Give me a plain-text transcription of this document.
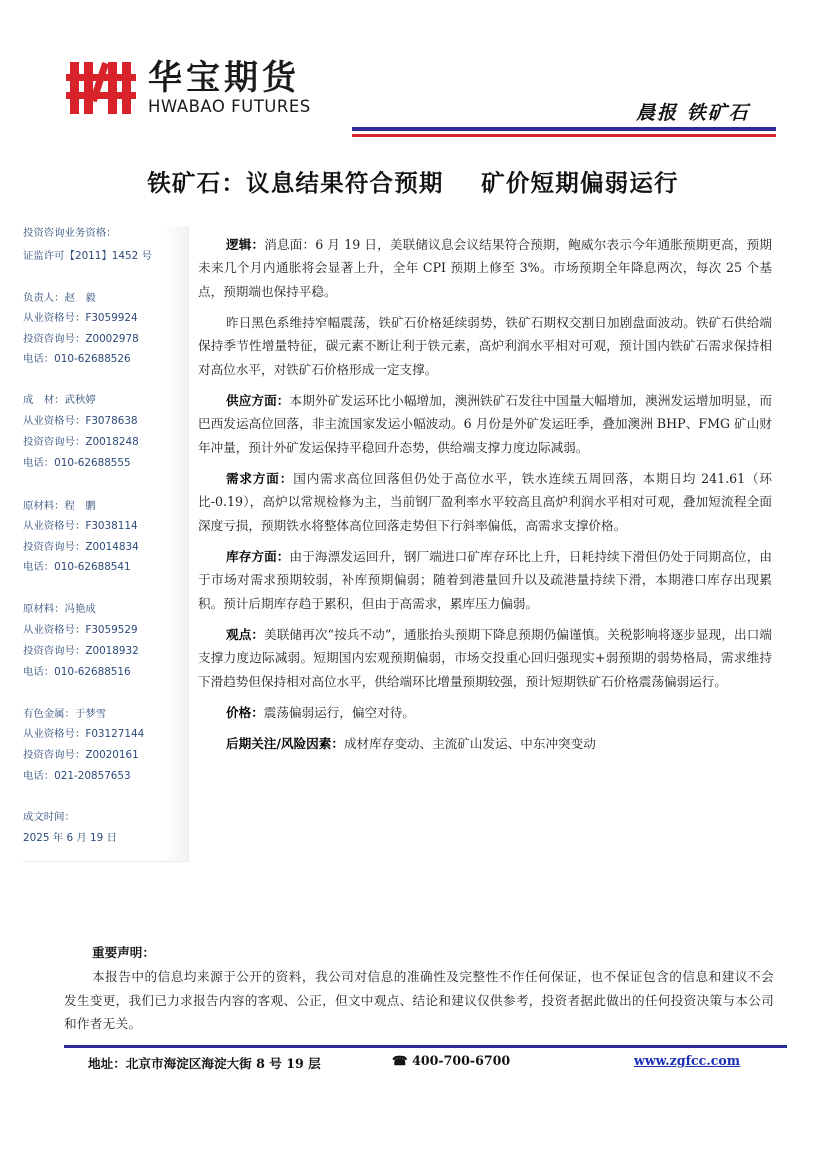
华宝期货
HWABAO FUTURES	晨报 铁矿石
铁矿石：议息结果符合预期    矿价短期偏弱运行
投资咨询业务资格：
证监许可【2011】1452 号
负责人：赵　毅
从业资格号：F3059924
投资咨询号：Z0002978
电话：010-62688526
成　材：武秋婷
从业资格号：F3078638
投资咨询号：Z0018248
电话：010-62688555
原材料：程　鹏
从业资格号：F3038114
投资咨询号：Z0014834
电话：010-62688541
原材料：冯艳成
从业资格号：F3059529
投资咨询号：Z0018932
电话：010-62688516
有色金属：于梦雪
从业资格号：F03127144
投资咨询号：Z0020161
电话：021-20857653
成文时间：
2025 年 6 月 19 日

逻辑：消息面：6 月 19 日，美联储议息会议结果符合预期，鲍威尔表示今年通胀预期更高，预期未来几个月内通胀将会显著上升，全年 CPI 预期上修至 3%。市场预期全年降息两次，每次 25 个基点，预期端也保持平稳。

昨日黑色系维持窄幅震荡，铁矿石价格延续弱势，铁矿石期权交割日加剧盘面波动。铁矿石供给端保持季节性增量特征，碳元素不断让利于铁元素，高炉利润水平相对可观，预计国内铁矿石需求保持相对高位水平，对铁矿石价格形成一定支撑。

供应方面：本期外矿发运环比小幅增加，澳洲铁矿石发往中国量大幅增加，澳洲发运增加明显，而巴西发运高位回落，非主流国家发运小幅波动。6 月份是外矿发运旺季，叠加澳洲 BHP、FMG 矿山财年冲量，预计外矿发运保持平稳回升态势，供给端支撑力度边际减弱。

需求方面：国内需求高位回落但仍处于高位水平，铁水连续五周回落，本期日均 241.61（环比-0.19），高炉以常规检修为主，当前钢厂盈利率水平较高且高炉利润水平相对可观，叠加短流程全面深度亏损，预期铁水将整体高位回落走势但下行斜率偏低，高需求支撑价格。

库存方面：由于海漂发运回升，钢厂端进口矿库存环比上升，日耗持续下滑但仍处于同期高位，由于市场对需求预期较弱，补库预期偏弱；随着到港量回升以及疏港量持续下滑，本期港口库存出现累积。预计后期库存趋于累积，但由于高需求，累库压力偏弱。

观点：美联储再次“按兵不动”，通胀抬头预期下降息预期仍偏谨慎。关税影响将逐步显现，出口端支撑力度边际减弱。短期国内宏观预期偏弱，市场交投重心回归强现实+弱预期的弱势格局，需求维持下滑趋势但保持相对高位水平，供给端环比增量预期较强，预计短期铁矿石价格震荡偏弱运行。

价格：震荡偏弱运行，偏空对待。

后期关注/风险因素：成材库存变动、主流矿山发运、中东冲突变动

重要声明：
本报告中的信息均来源于公开的资料，我公司对信息的准确性及完整性不作任何保证，也不保证包含的信息和建议不会发生变更，我们已力求报告内容的客观、公正，但文中观点、结论和建议仅供参考，投资者据此做出的任何投资决策与本公司和作者无关。
地址：北京市海淀区海淀大街 8 号 19 层	☎ 400-700-6700	www.zgfcc.com
